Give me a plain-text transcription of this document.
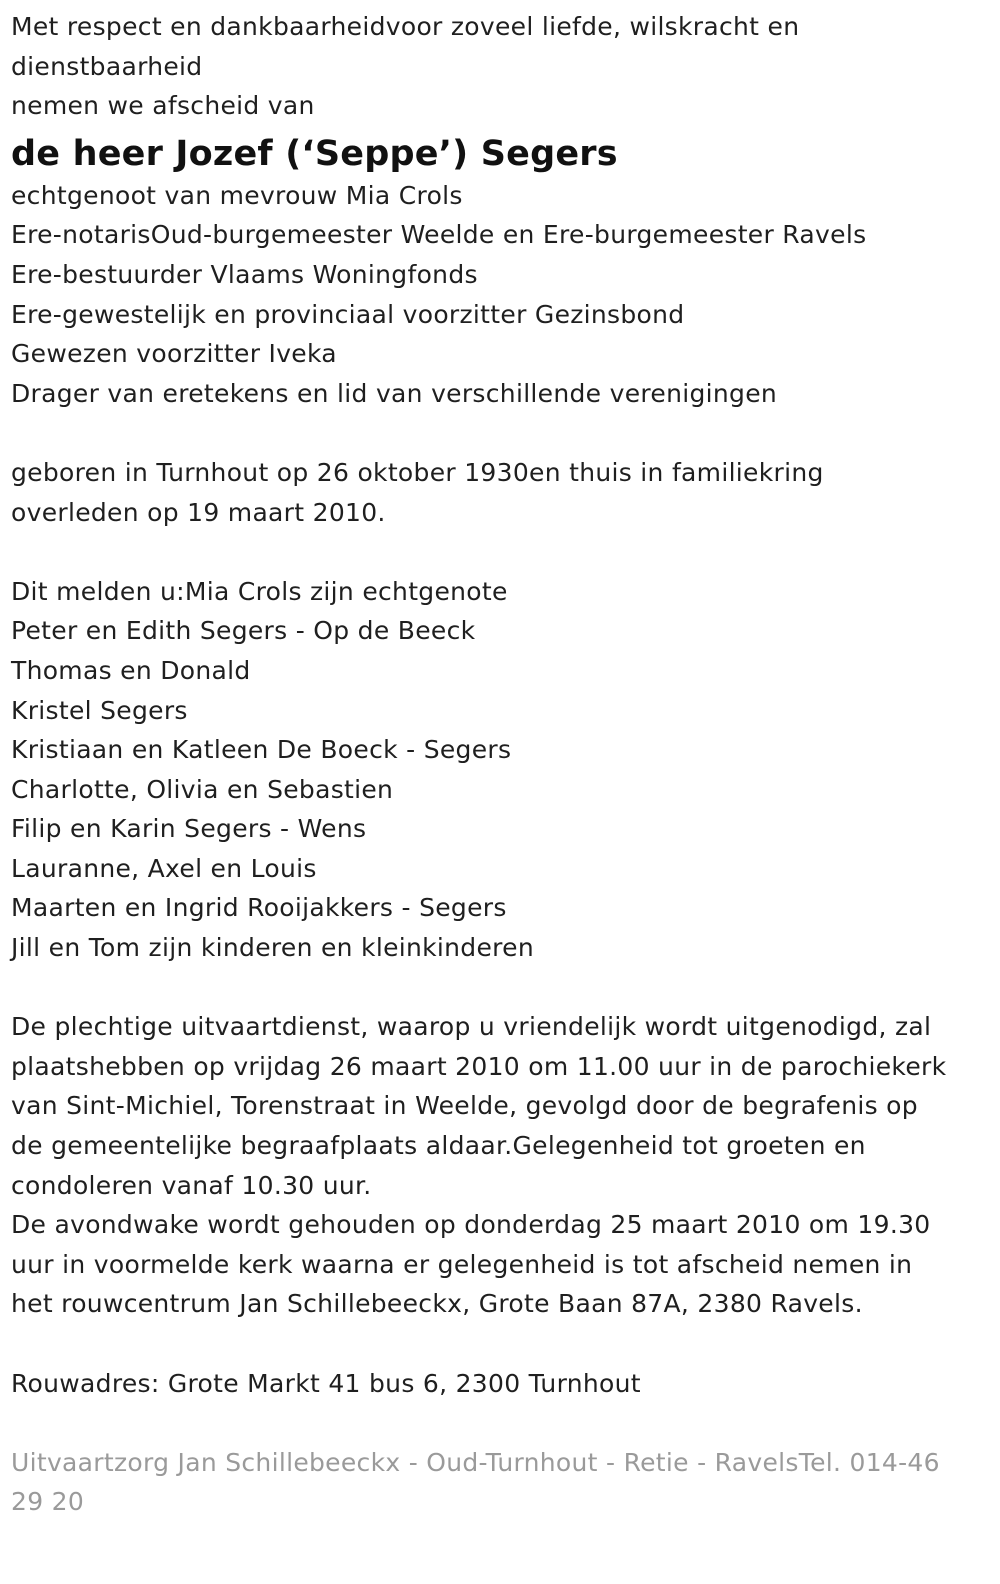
Met respect en dankbaarheidvoor zoveel liefde, wilskracht en
dienstbaarheid
nemen we afscheid van
de heer Jozef (‘Seppe’) Segers
echtgenoot van mevrouw Mia Crols
Ere-notarisOud-burgemeester Weelde en Ere-burgemeester Ravels
Ere-bestuurder Vlaams Woningfonds
Ere-gewestelijk en provinciaal voorzitter Gezinsbond
Gewezen voorzitter Iveka
Drager van eretekens en lid van verschillende verenigingen
geboren in Turnhout op 26 oktober 1930en thuis in familiekring
overleden op 19 maart 2010.
Dit melden u:Mia Crols zijn echtgenote
Peter en Edith Segers - Op de Beeck
Thomas en Donald
Kristel Segers
Kristiaan en Katleen De Boeck - Segers
Charlotte, Olivia en Sebastien
Filip en Karin Segers - Wens
Lauranne, Axel en Louis
Maarten en Ingrid Rooijakkers - Segers
Jill en Tom zijn kinderen en kleinkinderen
De plechtige uitvaartdienst, waarop u vriendelijk wordt uitgenodigd, zal
plaatshebben op vrijdag 26 maart 2010 om 11.00 uur in de parochiekerk
van Sint-Michiel, Torenstraat in Weelde, gevolgd door de begrafenis op
de gemeentelijke begraafplaats aldaar.Gelegenheid tot groeten en
condoleren vanaf 10.30 uur.
De avondwake wordt gehouden op donderdag 25 maart 2010 om 19.30
uur in voormelde kerk waarna er gelegenheid is tot afscheid nemen in
het rouwcentrum Jan Schillebeeckx, Grote Baan 87A, 2380 Ravels.
Rouwadres: Grote Markt 41 bus 6, 2300 Turnhout
Uitvaartzorg Jan Schillebeeckx - Oud-Turnhout - Retie - RavelsTel. 014-46
29 20
